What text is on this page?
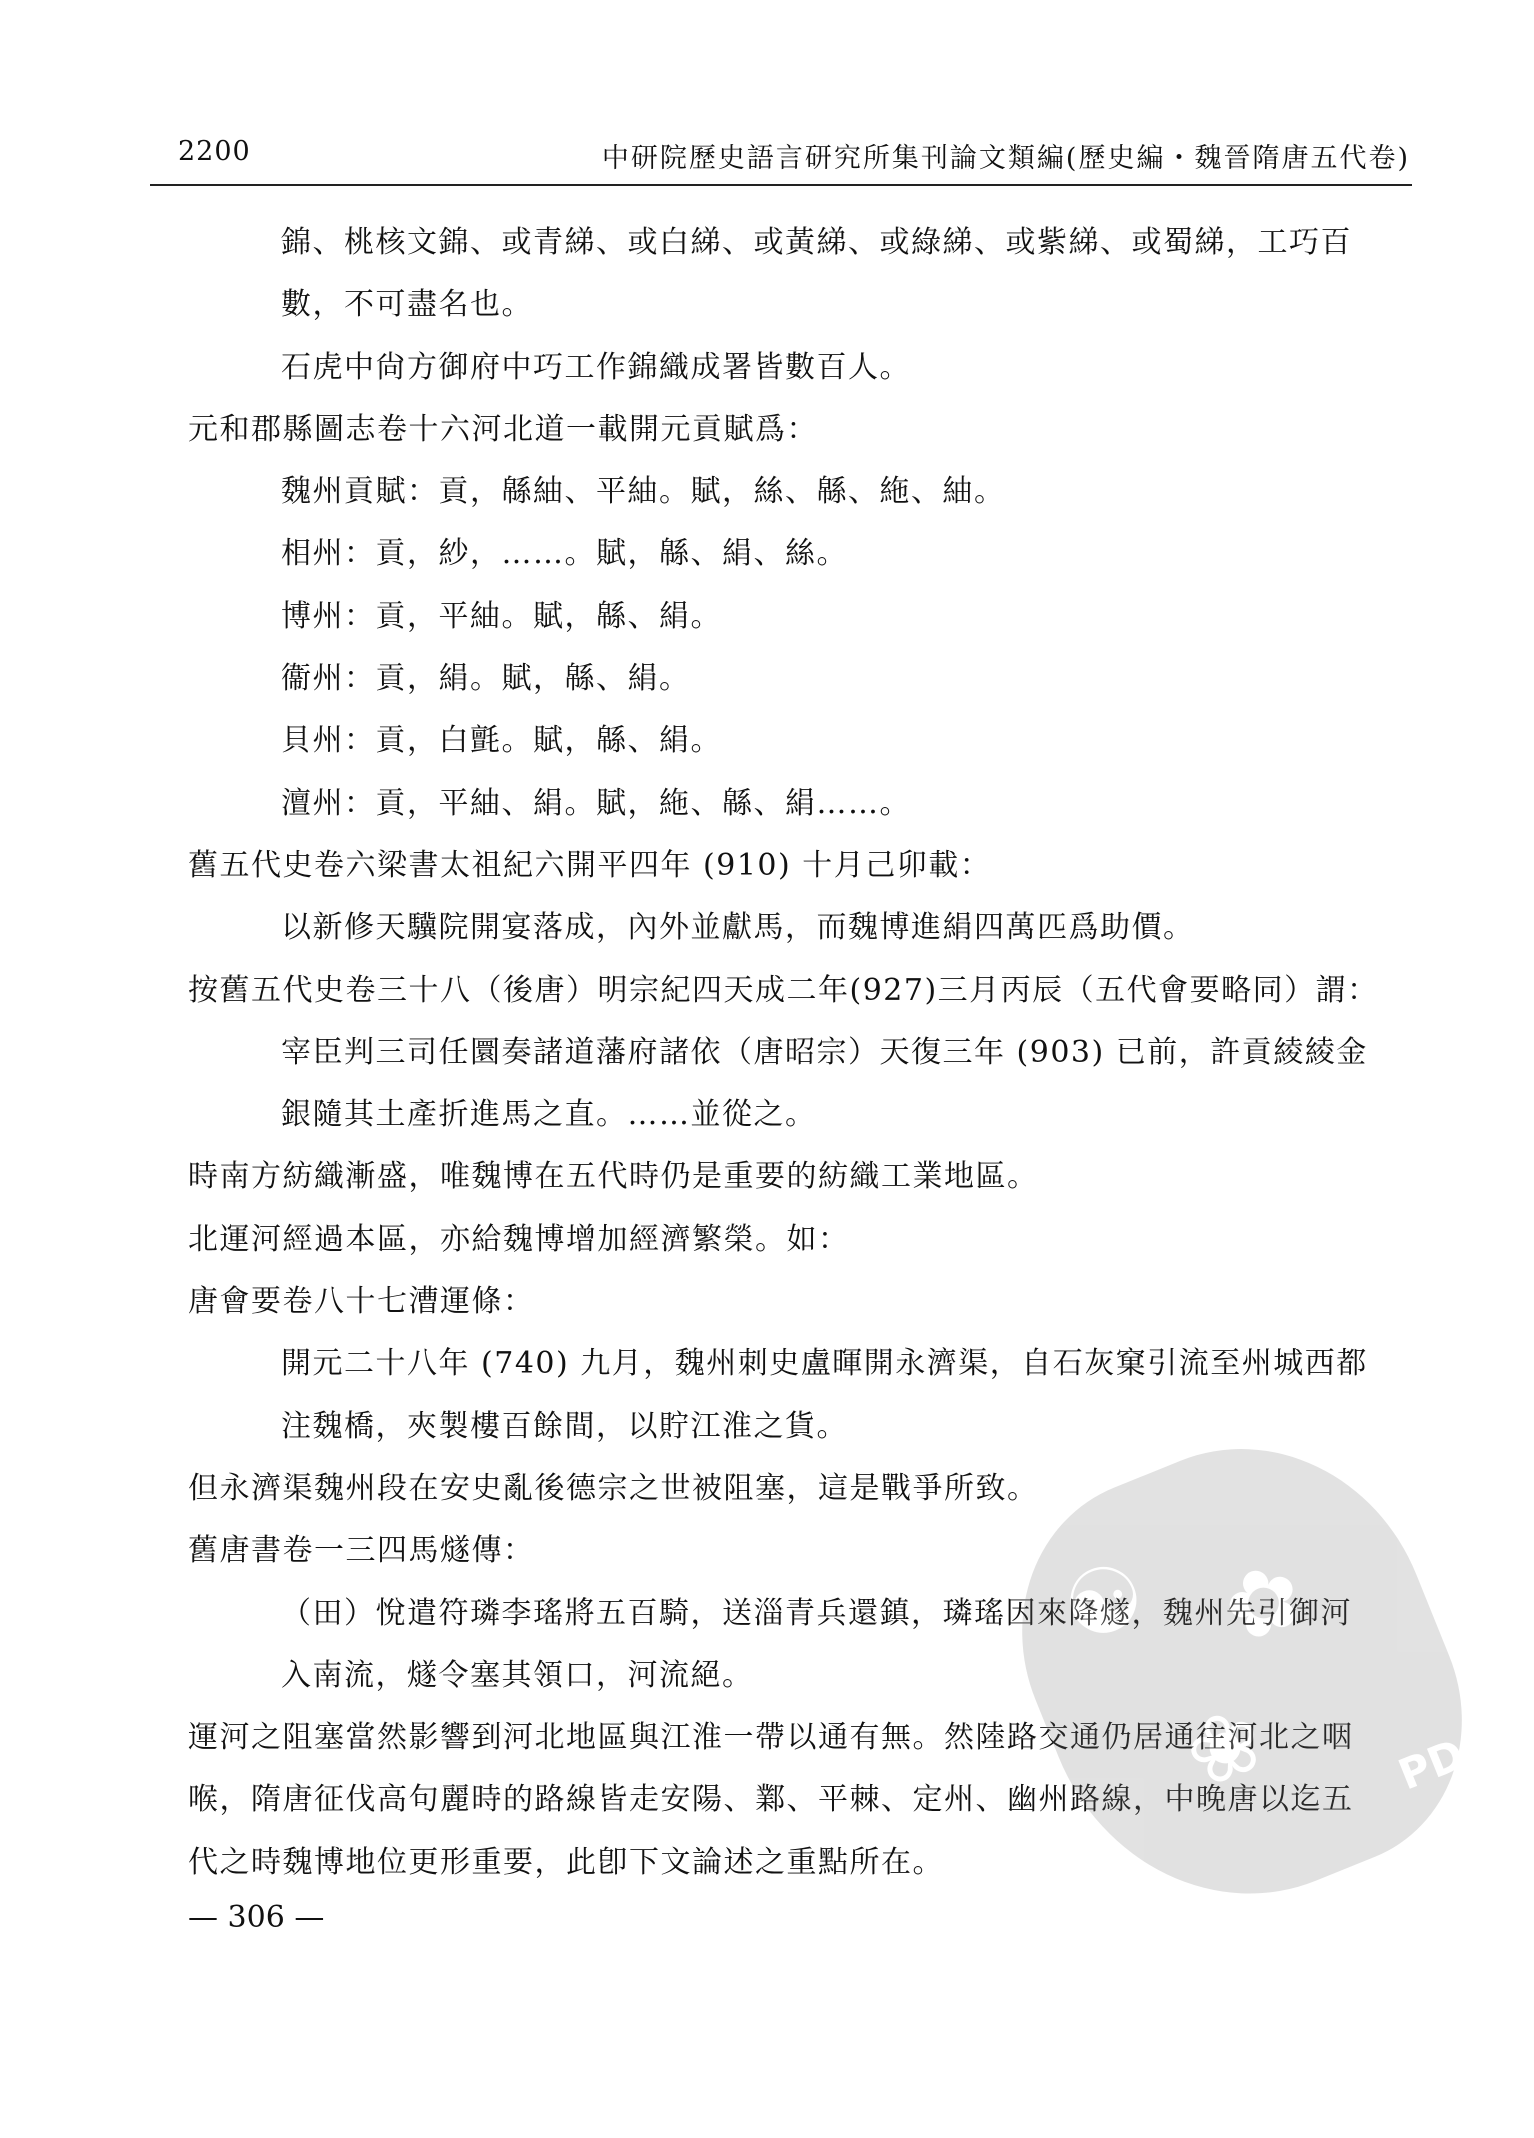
2200	中研院歷史語言研究所集刊論文類編(歷史編・魏晉隋唐五代卷)
錦、桃核文錦、或青綈、或白綈、或黃綈、或綠綈、或紫綈、或蜀綈，工巧百
數，不可盡名也。
石虎中尙方御府中巧工作錦織成署皆數百人。
元和郡縣圖志卷十六河北道一載開元貢賦爲：
魏州貢賦：貢，緜紬、平紬。賦，絲、緜、絁、紬。
相州：貢，紗，……。賦，緜、絹、絲。
博州：貢，平紬。賦，緜、絹。
衞州：貢，絹。賦，緜、絹。
貝州：貢，白氈。賦，緜、絹。
澶州：貢，平紬、絹。賦，絁、緜、絹……。
舊五代史卷六梁書太祖紀六開平四年 (910) 十月己卯載：
以新修天驥院開宴落成，內外並獻馬，而魏博進絹四萬匹爲助價。
按舊五代史卷三十八（後唐）明宗紀四天成二年(927)三月丙辰（五代會要略同）謂：
宰臣判三司任圜奏諸道藩府諸依（唐昭宗）天復三年 (903) 已前，許貢綾綾金
銀隨其土產折進馬之直。……並從之。
時南方紡織漸盛，唯魏博在五代時仍是重要的紡織工業地區。
北運河經過本區，亦給魏博增加經濟繁榮。如：
唐會要卷八十七漕運條：
開元二十八年 (740) 九月，魏州刺史盧暉開永濟渠，自石灰窠引流至州城西都
注魏橋，夾製樓百餘間，以貯江淮之貨。
但永濟渠魏州段在安史亂後德宗之世被阻塞，這是戰爭所致。
舊唐書卷一三四馬燧傳：
（田）悅遣符璘李瑤將五百騎，送淄青兵還鎮，璘瑤因來降燧，魏州先引御河
入南流，燧令塞其領口，河流絕。
運河之阻塞當然影響到河北地區與江淮一帶以通有無。然陸路交通仍居通往河北之咽
喉，隋唐征伐高句麗時的路線皆走安陽、鄴、平棘、定州、幽州路線，中晚唐以迄五
代之時魏博地位更形重要，此卽下文論述之重點所在。
— 306 —
☯ ✿
❀	PDG
